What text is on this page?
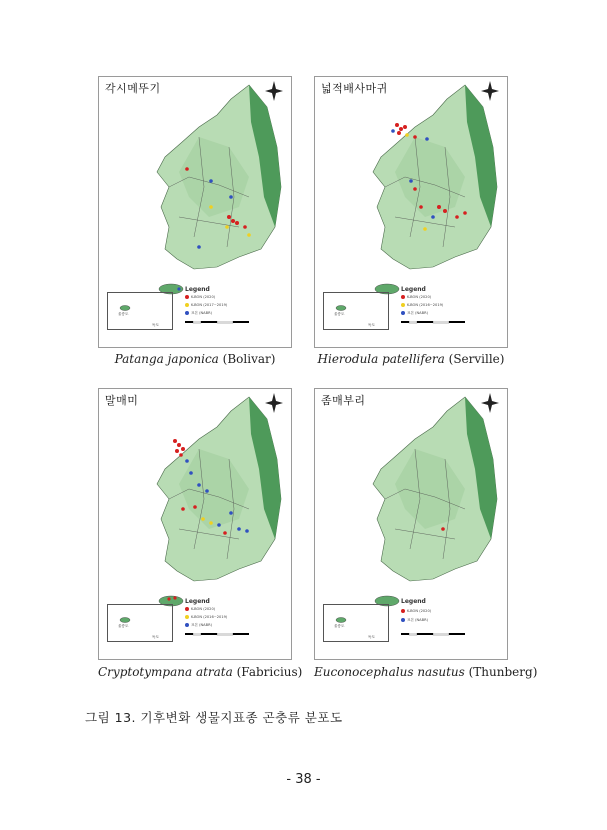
각시메뚜기
Legend
K-BON (2020)
K-BON (2017~2019)
표본 (NABR)
울릉도
독도
Patanga japonica (Bolivar)
넓적배사마귀
Legend
K-BON (2020)
K-BON (2016~2019)
표본 (NABR)
울릉도
독도
Hierodula patellifera (Serville)
말매미
Legend
K-BON (2020)
K-BON (2016~2019)
표본 (NABR)
울릉도
독도
Cryptotympana atrata (Fabricius)
좀매부리
Legend
K-BON (2020)
표본 (NABR)
울릉도
독도
Euconocephalus nasutus (Thunberg)
그림 13. 기후변화 생물지표종 곤충류 분포도
- 38 -
